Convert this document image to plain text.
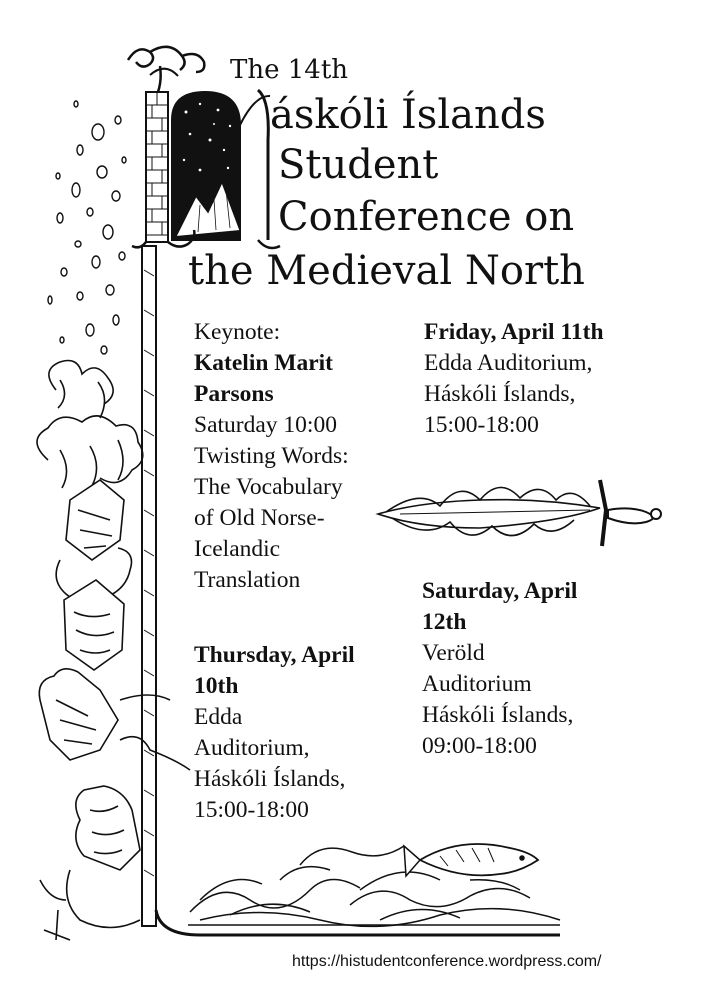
The 14th
áskóli Íslands
Student
Conference on
the Medieval North
Keynote:
Katelin Marit
Parsons
Saturday 10:00
Twisting Words:
The Vocabulary
of Old Norse-
Icelandic
Translation
Thursday, April
10th
Edda
Auditorium,
Háskóli Íslands,
15:00-18:00
Friday, April 11th
Edda Auditorium,
Háskóli Íslands,
15:00-18:00
Saturday, April
12th
Veröld
Auditorium
Háskóli Íslands,
09:00-18:00
https://histudentconference.wordpress.com/
